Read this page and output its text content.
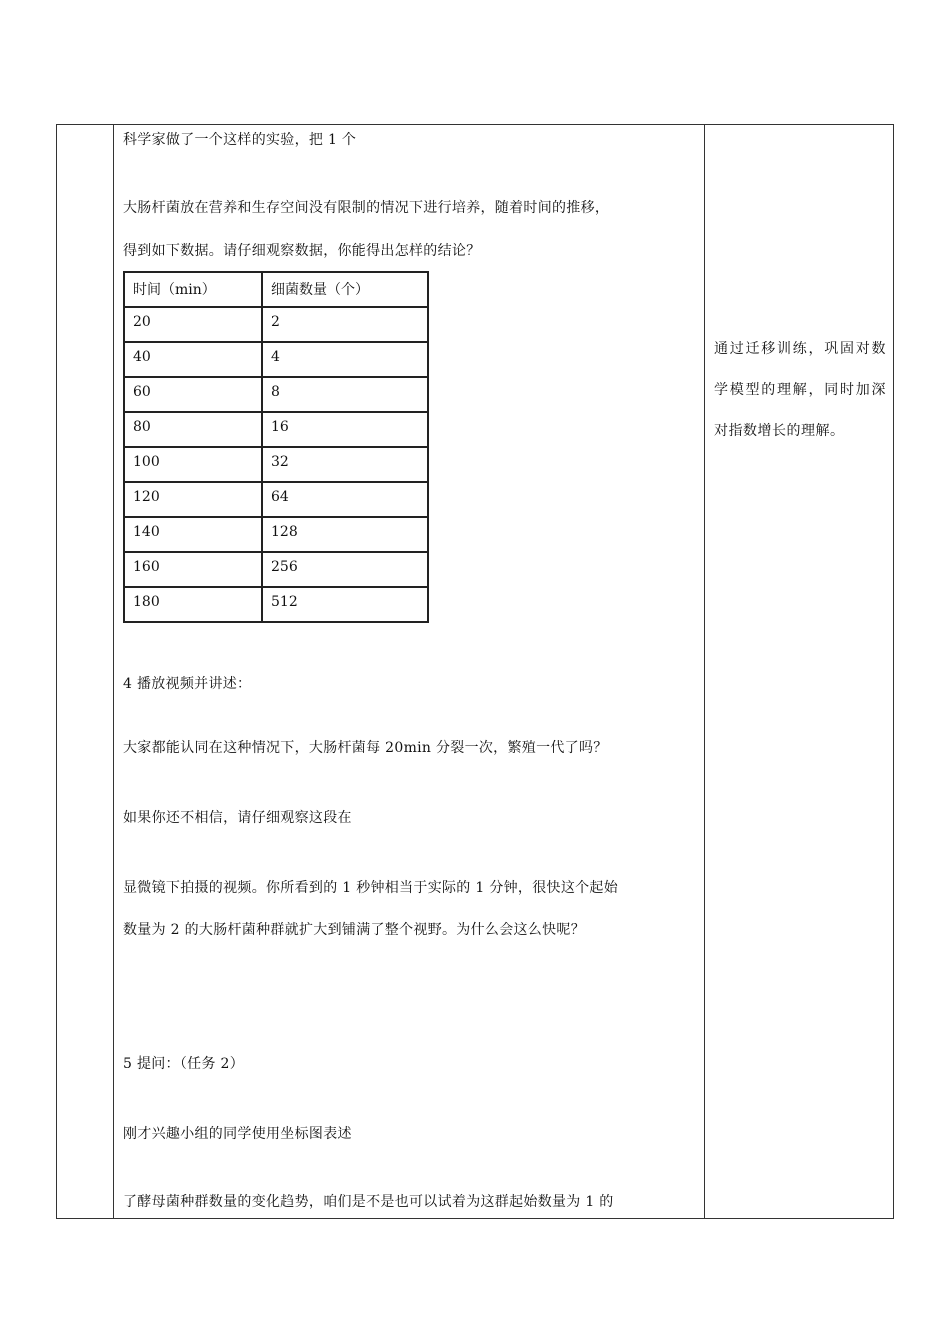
科学家做了一个这样的实验，把 1 个
大肠杆菌放在营养和生存空间没有限制的情况下进行培养，随着时间的推移，
得到如下数据。请仔细观察数据，你能得出怎样的结论？
4 播放视频并讲述：
大家都能认同在这种情况下，大肠杆菌每 20min 分裂一次，繁殖一代了吗？
如果你还不相信，请仔细观察这段在
显微镜下拍摄的视频。你所看到的 1 秒钟相当于实际的 1 分钟，很快这个起始
数量为 2 的大肠杆菌种群就扩大到铺满了整个视野。为什么会这么快呢？
5 提问：（任务 2）
刚才兴趣小组的同学使用坐标图表述
了酵母菌种群数量的变化趋势，咱们是不是也可以试着为这群起始数量为 1 的
时间（min）	细菌数量（个）
20	2
40	4
60	8
80	16
100	32
120	64
140	128
160	256
180	512
通过迁移训练，巩固对数学模型的理解，同时加深对指数增长的理解。
